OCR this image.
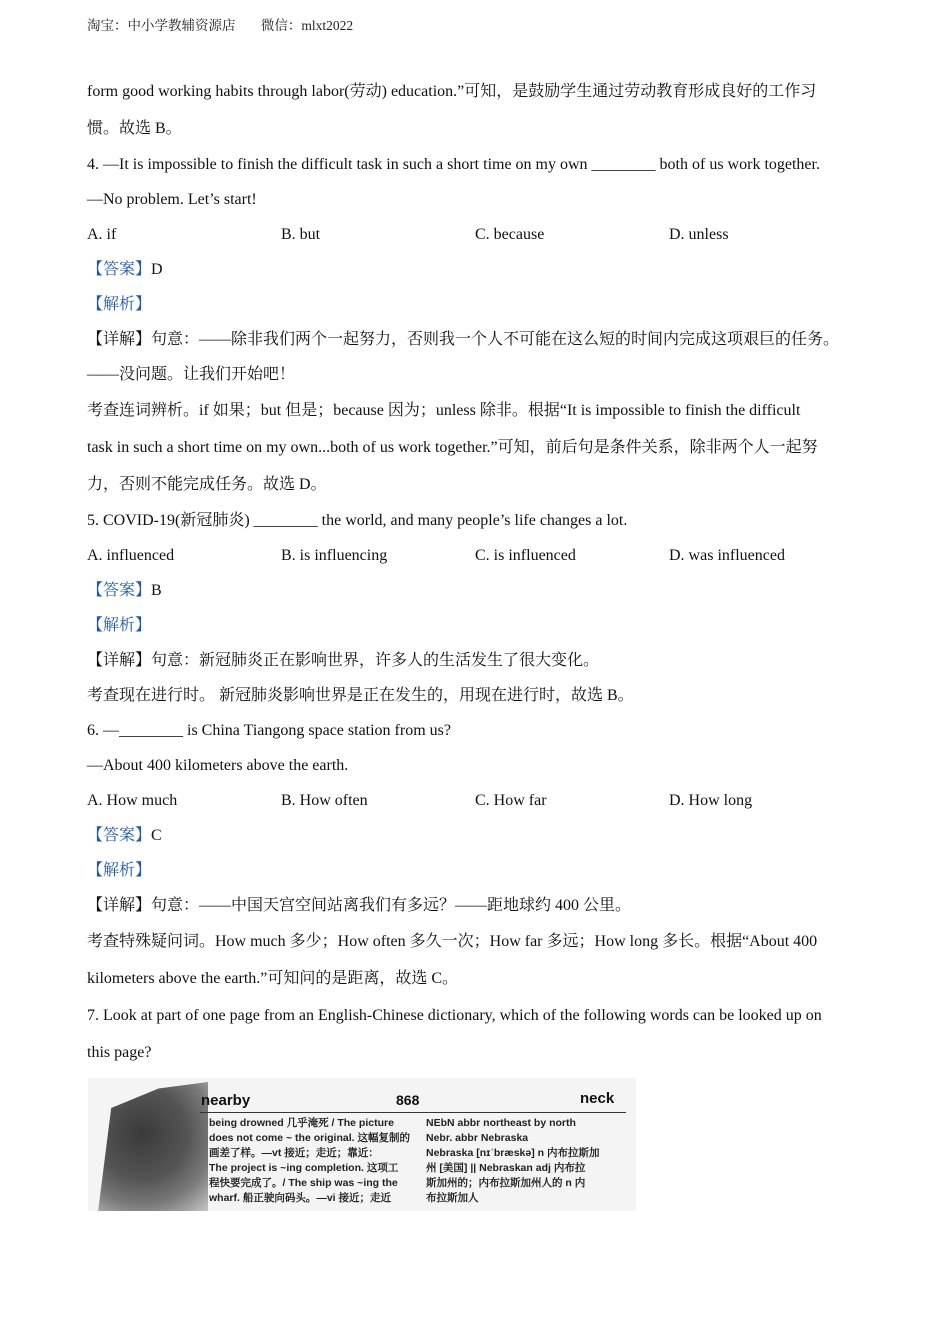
淘宝：中小学教辅资源店 微信：mlxt2022
form good working habits through labor(劳动) education.”可知，是鼓励学生通过劳动教育形成良好的工作习
惯。故选 B。
4. —It is impossible to finish the difficult task in such a short time on my own ________ both of us work together.
—No problem. Let’s start!
A. if	B. but	C. because	D. unless
【答案】D
【解析】
【详解】句意：——除非我们两个一起努力，否则我一个人不可能在这么短的时间内完成这项艰巨的任务。
——没问题。让我们开始吧！
考查连词辨析。if 如果；but 但是；because 因为；unless 除非。根据“It is impossible to finish the difficult
task in such a short time on my own...both of us work together.”可知，前后句是条件关系，除非两个人一起努
力，否则不能完成任务。故选 D。
5. COVID-19(新冠肺炎) ________ the world, and many people’s life changes a lot.
A. influenced	B. is influencing	C. is influenced	D. was influenced
【答案】B
【解析】
【详解】句意：新冠肺炎正在影响世界，许多人的生活发生了很大变化。
考查现在进行时。 新冠肺炎影响世界是正在发生的，用现在进行时，故选 B。
6. —________ is China Tiangong space station from us?
—About 400 kilometers above the earth.
A. How much	B. How often	C. How far	D. How long
【答案】C
【解析】
【详解】句意：——中国天宫空间站离我们有多远？——距地球约 400 公里。
考查特殊疑问词。How much 多少；How often 多久一次；How far 多远；How long 多长。根据“About 400
kilometers above the earth.”可知问的是距离，故选 C。
7. Look at part of one page from an English-Chinese dictionary, which of the following words can be looked up on
this page?
nearby	868	neck
being drowned 几乎淹死 / The picture
does not come ~ the original. 这幅复制的
画差了样。—vt 接近；走近；靠近：
The project is ~ing completion. 这项工
程快要完成了。/ The ship was ~ing the
wharf. 船正驶向码头。—vi 接近；走近
NEbN abbr northeast by north
Nebr. abbr Nebraska
Nebraska [nɪˈbræskə] n 内布拉斯加
州 [美国] || Nebraskan adj 内布拉
斯加州的；内布拉斯加州人的 n 内
布拉斯加人
